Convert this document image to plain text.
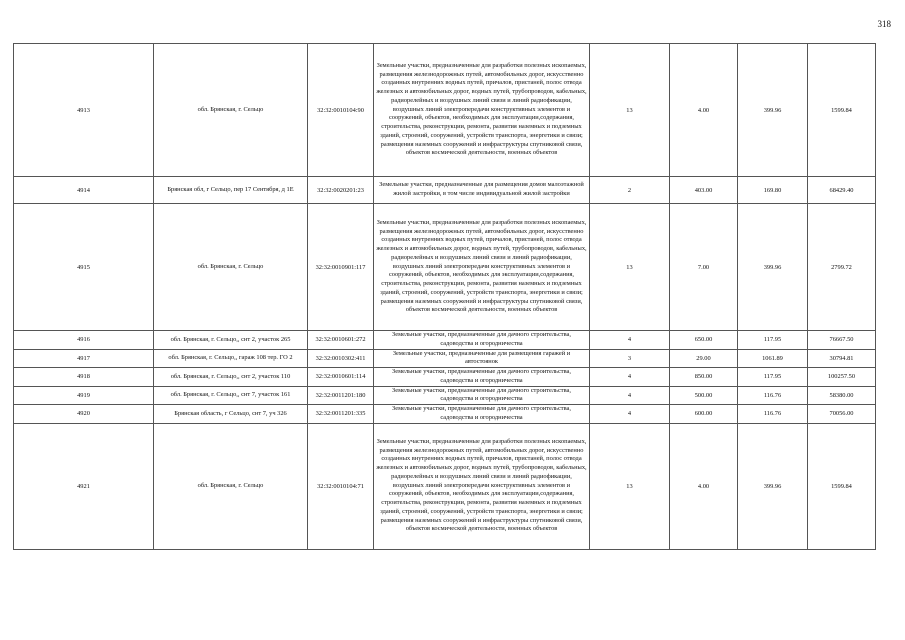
318
4913	обл. Брянская, г. Сельцо	32:32:0010104:90	Земельные участки, предназначенные для разработки полезных ископаемых, размещения железнодорожных путей, автомобильных дорог, искусственно созданных внутренних водных путей, причалов, пристаней, полос отвода железных и автомобильных дорог, водных путей, трубопроводов, кабельных, радиорелейных и воздушных линий связи и линий радиофикации, воздушных линий электропередачи конструктивных элементов и сооружений, объектов, необходимых для эксплуатации,содержания, строительства, реконструкции, ремонта, развития наземных и подземных зданий, строений, сооружений, устройств транспорта, энергетики и связи; размещения наземных сооружений и инфраструктуры спутниковой связи, объектов космической деятельности, военных объектов	13	4.00	399.96	1599.84
4914	Брянская обл, г Сельцо, пер 17 Сентября, д 1Е	32:32:0020201:23	Земельные участки, предназначенные для размещения домов малоэтажной жилой застройки, в том числе индивидуальной жилой застройки	2	403.00	169.80	68429.40
4915	обл. Брянская, г. Сельцо	32:32:0010901:117	Земельные участки, предназначенные для разработки полезных ископаемых, размещения железнодорожных путей, автомобильных дорог, искусственно созданных внутренних водных путей, причалов, пристаней, полос отвода железных и автомобильных дорог, водных путей, трубопроводов, кабельных, радиорелейных и воздушных линий связи и линий радиофикации, воздушных линий электропередачи конструктивных элементов и сооружений, объектов, необходимых для эксплуатации,содержания, строительства, реконструкции, ремонта, развития наземных и подземных зданий, строений, сооружений, устройств транспорта, энергетики и связи; размещения наземных сооружений и инфраструктуры спутниковой связи, объектов космической деятельности, военных объектов	13	7.00	399.96	2799.72
4916	обл. Брянская, г. Сельцо,, снт 2, участок 265	32:32:0010601:272	Земельные участки, предназначенные для дачного строительства, садоводства и огородничества	4	650.00	117.95	76667.50
4917	обл. Брянская, г. Сельцо,, гараж 108 тер. ГО 2	32:32:0010302:411	Земельные участки, предназначенные для размещения гаражей и автостоянок	3	29.00	1061.89	30794.81
4918	обл. Брянская, г. Сельцо,, снт 2, участок 110	32:32:0010601:114	Земельные участки, предназначенные для дачного строительства, садоводства и огородничества	4	850.00	117.95	100257.50
4919	обл. Брянская, г. Сельцо,, снт 7, участок 161	32:32:0011201:180	Земельные участки, предназначенные для дачного строительства, садоводства и огородничества	4	500.00	116.76	58380.00
4920	Брянская область, г Сельцо, снт 7, уч 326	32:32:0011201:335	Земельные участки, предназначенные для дачного строительства, садоводства и огородничества	4	600.00	116.76	70056.00
4921	обл. Брянская, г. Сельцо	32:32:0010104:71	Земельные участки, предназначенные для разработки полезных ископаемых, размещения железнодорожных путей, автомобильных дорог, искусственно созданных внутренних водных путей, причалов, пристаней, полос отвода железных и автомобильных дорог, водных путей, трубопроводов, кабельных, радиорелейных и воздушных линий связи и линий радиофикации, воздушных линий электропередачи конструктивных элементов и сооружений, объектов, необходимых для эксплуатации,содержания, строительства, реконструкции, ремонта, развития наземных и подземных зданий, строений, сооружений, устройств транспорта, энергетики и связи; размещения наземных сооружений и инфраструктуры спутниковой связи, объектов космической деятельности, военных объектов	13	4.00	399.96	1599.84
